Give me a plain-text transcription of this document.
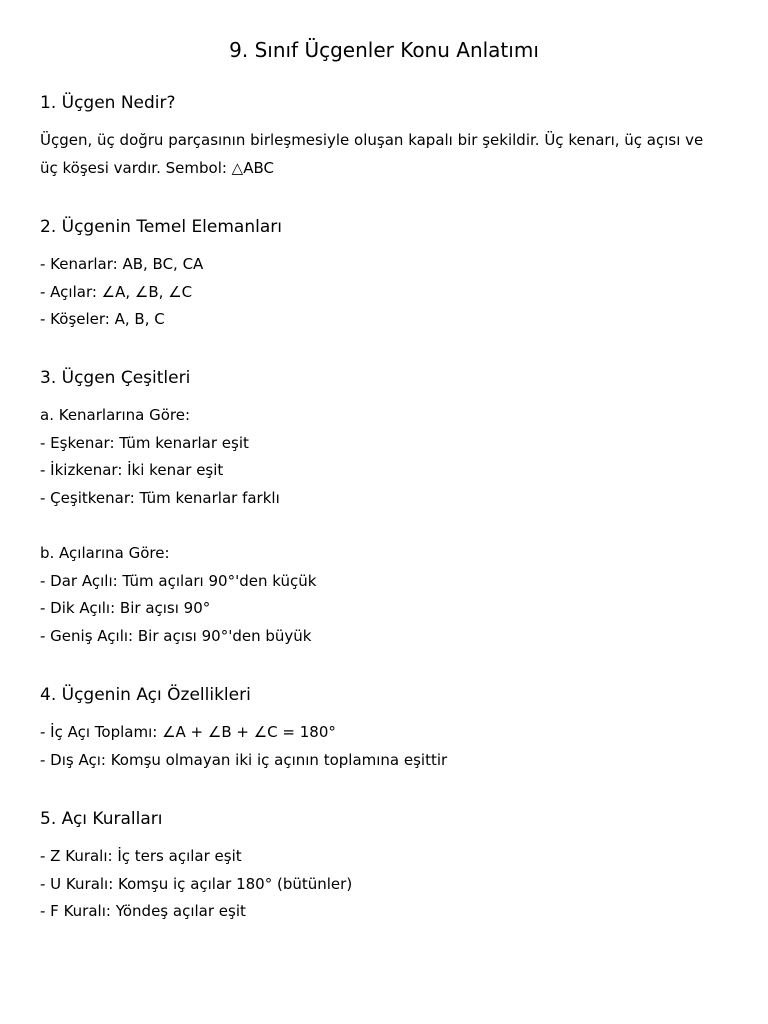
9. Sınıf Üçgenler Konu Anlatımı
1. Üçgen Nedir?

Üçgen, üç doğru parçasının birleşmesiyle oluşan kapalı bir şekildir. Üç kenarı, üç açısı ve

üç köşesi vardır. Sembol: △ABC

2. Üçgenin Temel Elemanları

- Kenarlar: AB, BC, CA

- Açılar: ∠A, ∠B, ∠C

- Köşeler: A, B, C

3. Üçgen Çeşitleri

a. Kenarlarına Göre:

- Eşkenar: Tüm kenarlar eşit

- İkizkenar: İki kenar eşit

- Çeşitkenar: Tüm kenarlar farklı

b. Açılarına Göre:

- Dar Açılı: Tüm açıları 90°'den küçük

- Dik Açılı: Bir açısı 90°

- Geniş Açılı: Bir açısı 90°'den büyük

4. Üçgenin Açı Özellikleri

- İç Açı Toplamı: ∠A + ∠B + ∠C = 180°

- Dış Açı: Komşu olmayan iki iç açının toplamına eşittir

5. Açı Kuralları

- Z Kuralı: İç ters açılar eşit

- U Kuralı: Komşu iç açılar 180° (bütünler)

- F Kuralı: Yöndeş açılar eşit
